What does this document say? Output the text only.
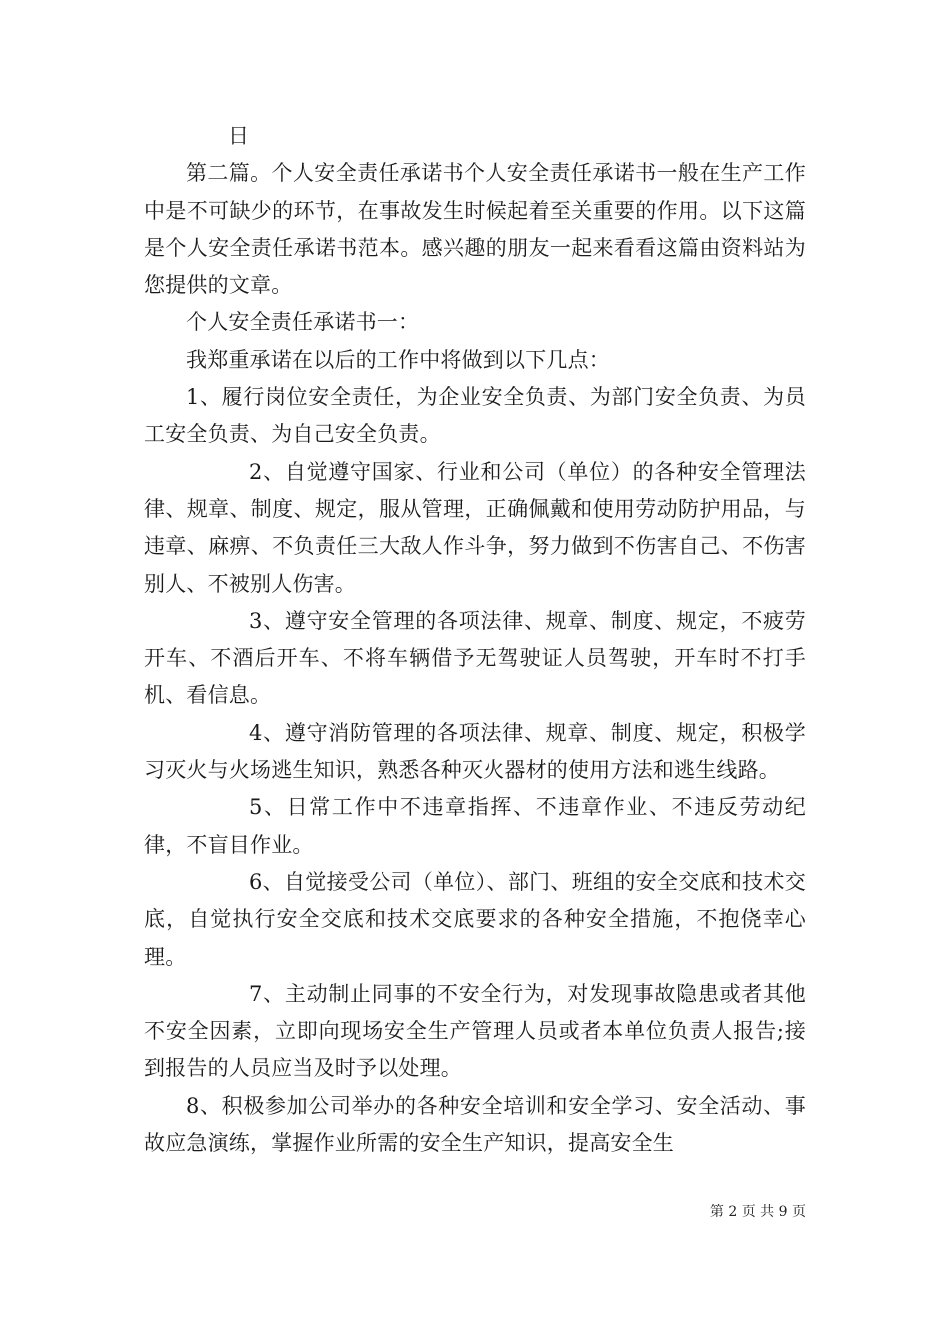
日

第二篇。个人安全责任承诺书个人安全责任承诺书一般在生产工作中是不可缺少的环节，在事故发生时候起着至关重要的作用。以下这篇是个人安全责任承诺书范本。感兴趣的朋友一起来看看这篇由资料站为您提供的文章。

个人安全责任承诺书一：

我郑重承诺在以后的工作中将做到以下几点：

1、履行岗位安全责任，为企业安全负责、为部门安全负责、为员工安全负责、为自己安全负责。

2、自觉遵守国家、行业和公司（单位）的各种安全管理法律、规章、制度、规定，服从管理，正确佩戴和使用劳动防护用品，与违章、麻痹、不负责任三大敌人作斗争，努力做到不伤害自己、不伤害别人、不被别人伤害。

3、遵守安全管理的各项法律、规章、制度、规定，不疲劳开车、不酒后开车、不将车辆借予无驾驶证人员驾驶，开车时不打手机、看信息。

4、遵守消防管理的各项法律、规章、制度、规定，积极学习灭火与火场逃生知识，熟悉各种灭火器材的使用方法和逃生线路。

5、日常工作中不违章指挥、不违章作业、不违反劳动纪律，不盲目作业。

6、自觉接受公司（单位）、部门、班组的安全交底和技术交底，自觉执行安全交底和技术交底要求的各种安全措施，不抱侥幸心理。

7、主动制止同事的不安全行为，对发现事故隐患或者其他不安全因素，立即向现场安全生产管理人员或者本单位负责人报告;接到报告的人员应当及时予以处理。

8、积极参加公司举办的各种安全培训和安全学习、安全活动、事故应急演练，掌握作业所需的安全生产知识，提高安全生

第 2 页 共 9 页
